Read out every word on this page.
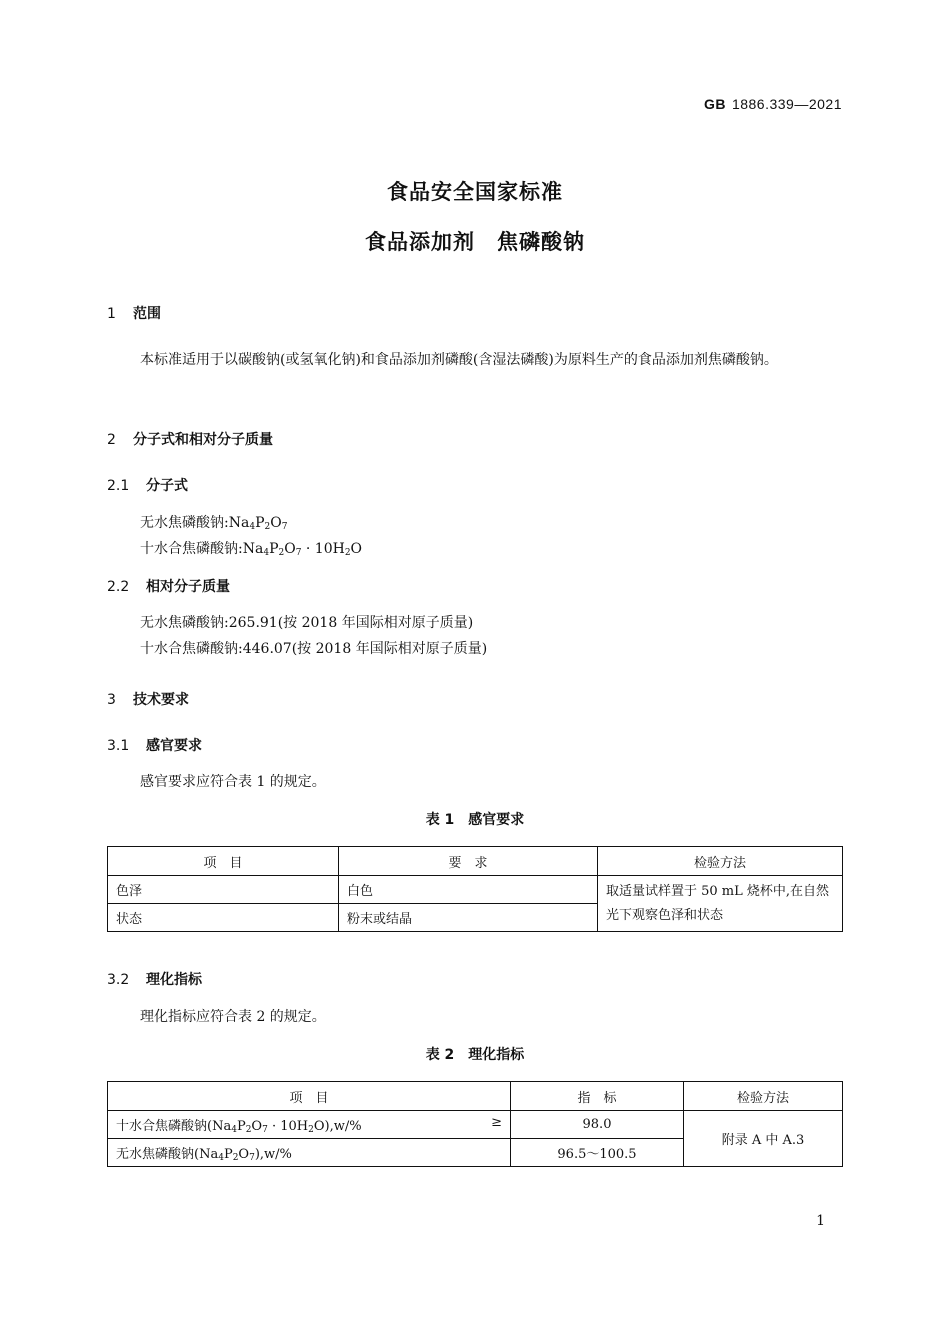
GB 1886.339—2021
食品安全国家标准
食品添加剂　焦磷酸钠
1 范围
本标准适用于以碳酸钠(或氢氧化钠)和食品添加剂磷酸(含湿法磷酸)为原料生产的食品添加剂焦磷酸钠。
2 分子式和相对分子质量
2.1 分子式
无水焦磷酸钠$:Na_4P_2O_7$
十水合焦磷酸钠$:Na_4P_2O_7 \cdot 10H_2O$
2.2 相对分子质量
无水焦磷酸钠:265.91(按 2018 年国际相对原子质量)
十水合焦磷酸钠:446.07(按 2018 年国际相对原子质量)
3 技术要求
3.1 感官要求
感官要求应符合表 1 的规定。
表 1　感官要求
项　目	要　求	检验方法
色泽	白色	取适量试样置于 50 mL 烧杯中,在自然光下观察色泽和状态
状态	粉末或结晶	
3.2 理化指标
理化指标应符合表 2 的规定。
表 2　理化指标
项　目	指　标	检验方法
十水合焦磷酸钠$(Na_4P_2O_7 \cdot 10H_2O),w/\%$ ≥	98.0	附录 A 中 A.3
无水焦磷酸钠$(Na_4P_2O_7),w/\%$	96.5～100.5	
1
